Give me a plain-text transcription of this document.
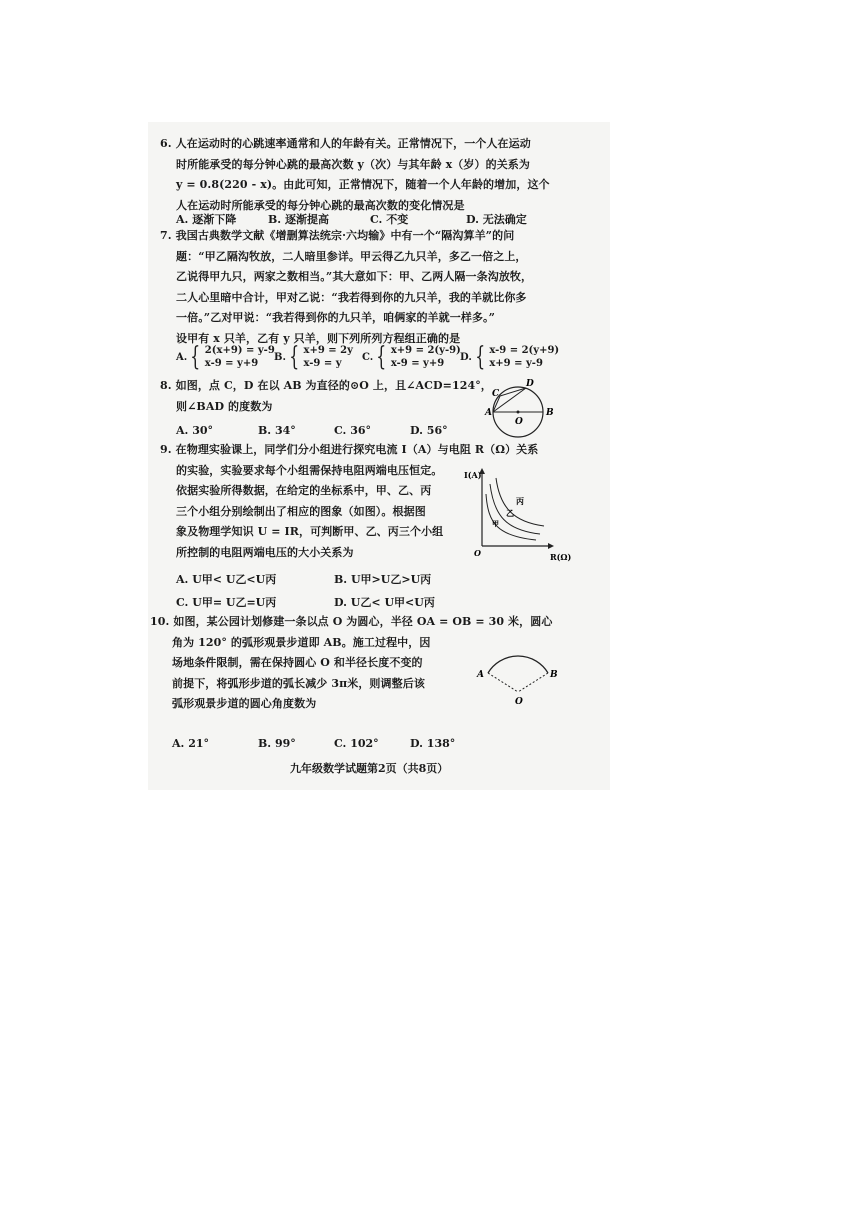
6. 人在运动时的心跳速率通常和人的年龄有关。正常情况下，一个人在运动
时所能承受的每分钟心跳的最高次数 y（次）与其年龄 x（岁）的关系为
y = 0.8(220 - x)。由此可知，正常情况下，随着一个人年龄的增加，这个
人在运动时所能承受的每分钟心跳的最高次数的变化情况是
A. 逐渐下降	B. 逐渐提高	C. 不变	D. 无法确定
7. 我国古典数学文献《增删算法统宗·六均输》中有一个“隔沟算羊”的问
题：“甲乙隔沟牧放，二人暗里参详。甲云得乙九只羊，多乙一倍之上，
乙说得甲九只，两家之数相当。”其大意如下：甲、乙两人隔一条沟放牧，
二人心里暗中合计，甲对乙说：“我若得到你的九只羊，我的羊就比你多
一倍。”乙对甲说：“我若得到你的九只羊，咱俩家的羊就一样多。”
设甲有 x 只羊，乙有 y 只羊，则下列所列方程组正确的是
A. { 2(x+9) = y-9
x-9 = y+9
B. { x+9 = 2y
x-9 = y
C. { x+9 = 2(y-9)
x-9 = y+9
D. { x-9 = 2(y+9)
x+9 = y-9
8. 如图，点 C，D 在以 AB 为直径的⊙O 上，且∠ACD=124°，
则∠BAD 的度数为
A. 30°	B. 34°	C. 36°	D. 56°
A	B
C
D
O
9. 在物理实验课上，同学们分小组进行探究电流 I（A）与电阻 R（Ω）关系
的实验，实验要求每个小组需保持电阻两端电压恒定。
依据实验所得数据，在给定的坐标系中，甲、乙、丙
三个小组分别绘制出了相应的图象（如图）。根据图
象及物理学知识 U = IR，可判断甲、乙、丙三个小组
所控制的电阻两端电压的大小关系为
A. U甲< U乙<U丙	B. U甲>U乙>U丙
C. U甲= U乙=U丙	D. U乙< U甲<U丙
I(A)
R(Ω)
O
丙
乙
甲
10. 如图，某公园计划修建一条以点 O 为圆心，半径 OA = OB = 30 米，圆心
角为 120° 的弧形观景步道即 AB。施工过程中，因
场地条件限制，需在保持圆心 O 和半径长度不变的
前提下，将弧形步道的弧长减少 3π米，则调整后该
弧形观景步道的圆心角度数为
A. 21°	B. 99°	C. 102°	D. 138°
A	B
O
九年级数学试题第2页（共8页）
